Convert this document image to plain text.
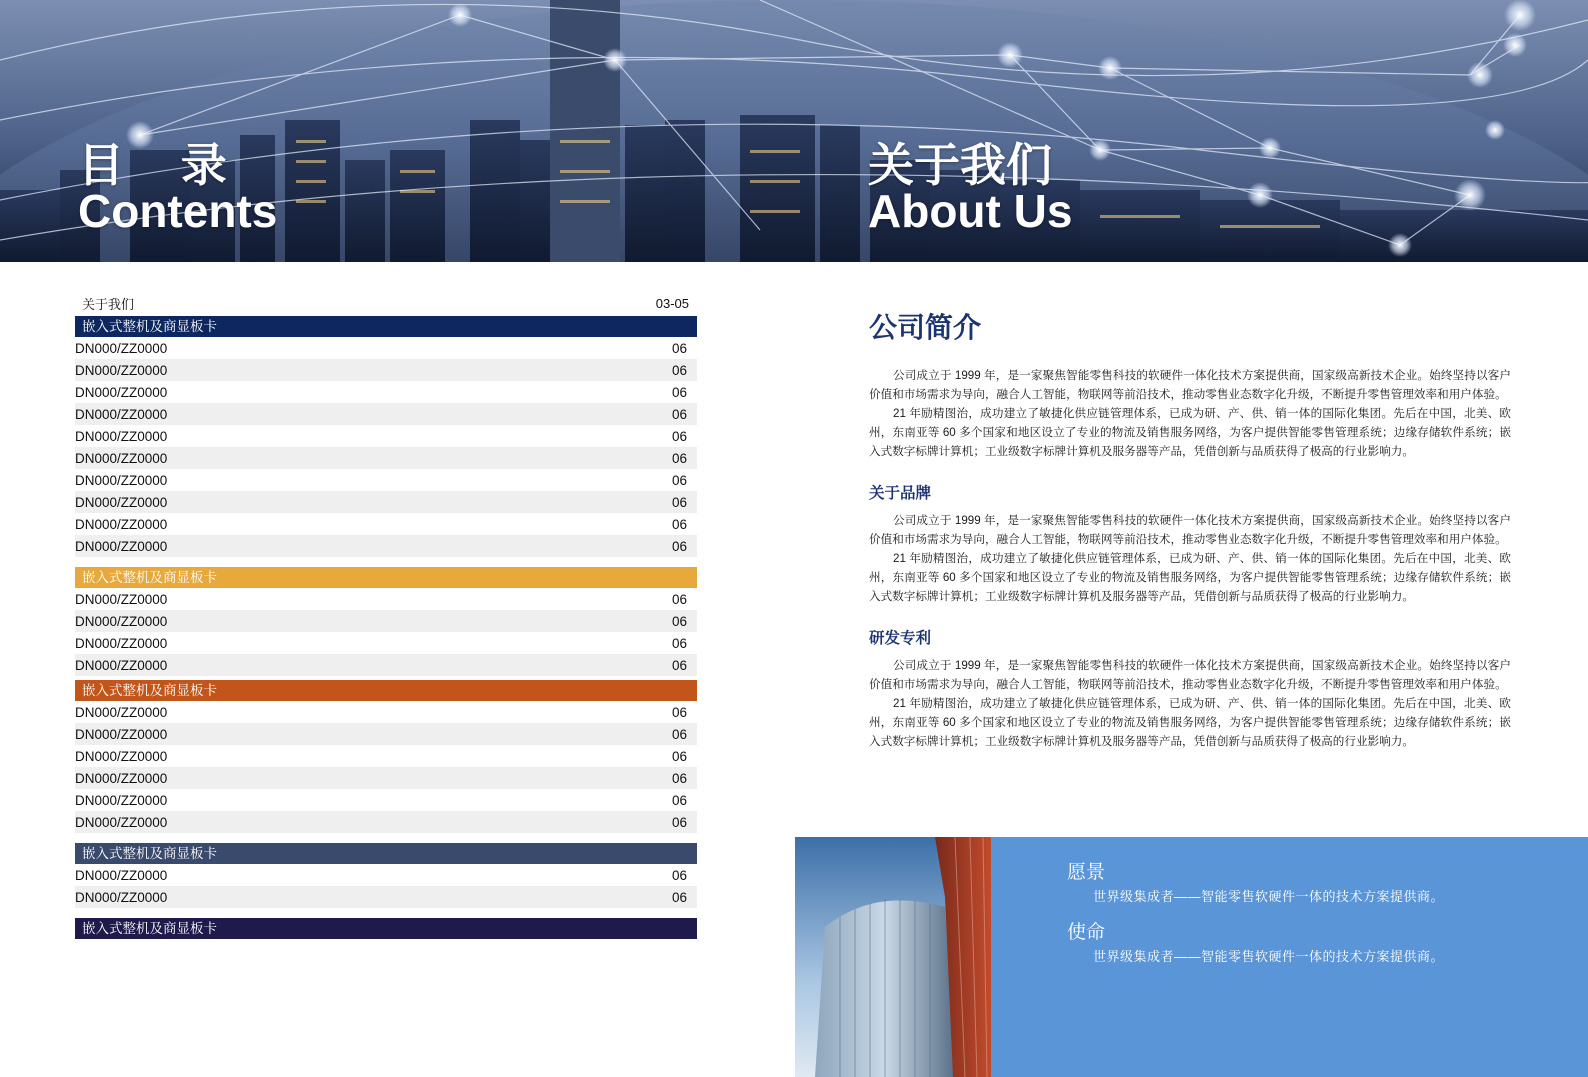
目 录
Contents
关于我们
About Us
关于我们	03-05
嵌入式整机及商显板卡
DN000/ZZ0000	06
DN000/ZZ0000	06
DN000/ZZ0000	06
DN000/ZZ0000	06
DN000/ZZ0000	06
DN000/ZZ0000	06
DN000/ZZ0000	06
DN000/ZZ0000	06
DN000/ZZ0000	06
DN000/ZZ0000	06
嵌入式整机及商显板卡
DN000/ZZ0000	06
DN000/ZZ0000	06
DN000/ZZ0000	06
DN000/ZZ0000	06
嵌入式整机及商显板卡
DN000/ZZ0000	06
DN000/ZZ0000	06
DN000/ZZ0000	06
DN000/ZZ0000	06
DN000/ZZ0000	06
DN000/ZZ0000	06
嵌入式整机及商显板卡
DN000/ZZ0000	06
DN000/ZZ0000	06
嵌入式整机及商显板卡
公司简介

公司成立于 1999 年，是一家聚焦智能零售科技的软硬件一体化技术方案提供商，国家级高新技术企业。始终坚持以客户价值和市场需求为导向，融合人工智能，物联网等前沿技术，推动零售业态数字化升级，不断提升零售管理效率和用户体验。

21 年励精图治，成功建立了敏捷化供应链管理体系，已成为研、产、供、销一体的国际化集团。先后在中国，北美、欧州，东南亚等 60 多个国家和地区设立了专业的物流及销售服务网络，为客户提供智能零售管理系统；边缘存储软件系统；嵌入式数字标牌计算机；工业级数字标牌计算机及服务器等产品，凭借创新与品质获得了极高的行业影响力。

关于品牌

公司成立于 1999 年，是一家聚焦智能零售科技的软硬件一体化技术方案提供商，国家级高新技术企业。始终坚持以客户价值和市场需求为导向，融合人工智能，物联网等前沿技术，推动零售业态数字化升级，不断提升零售管理效率和用户体验。

21 年励精图治，成功建立了敏捷化供应链管理体系，已成为研、产、供、销一体的国际化集团。先后在中国，北美、欧州，东南亚等 60 多个国家和地区设立了专业的物流及销售服务网络，为客户提供智能零售管理系统；边缘存储软件系统；嵌入式数字标牌计算机；工业级数字标牌计算机及服务器等产品，凭借创新与品质获得了极高的行业影响力。

研发专利

公司成立于 1999 年，是一家聚焦智能零售科技的软硬件一体化技术方案提供商，国家级高新技术企业。始终坚持以客户价值和市场需求为导向，融合人工智能，物联网等前沿技术，推动零售业态数字化升级，不断提升零售管理效率和用户体验。

21 年励精图治，成功建立了敏捷化供应链管理体系，已成为研、产、供、销一体的国际化集团。先后在中国，北美、欧州，东南亚等 60 多个国家和地区设立了专业的物流及销售服务网络，为客户提供智能零售管理系统；边缘存储软件系统；嵌入式数字标牌计算机；工业级数字标牌计算机及服务器等产品，凭借创新与品质获得了极高的行业影响力。

愿景
世界级集成者——智能零售软硬件一体的技术方案提供商。
使命
世界级集成者——智能零售软硬件一体的技术方案提供商。
